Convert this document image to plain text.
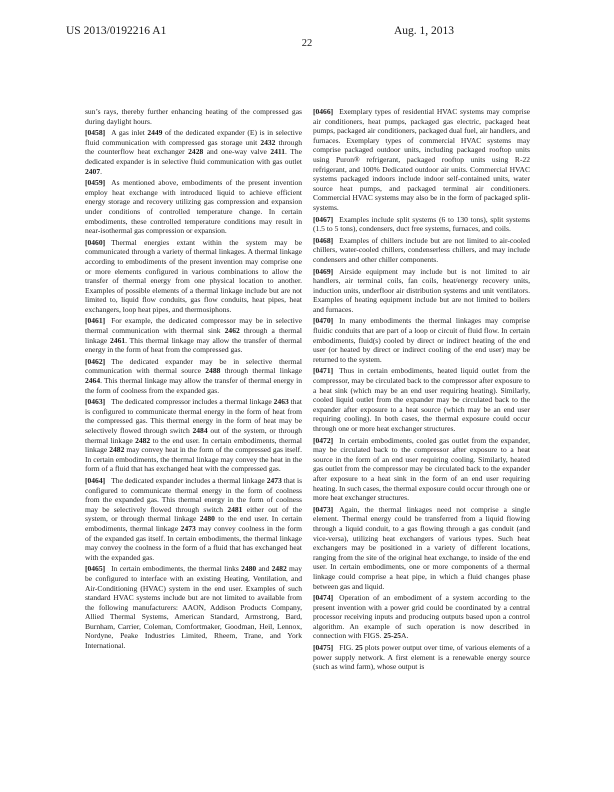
US 2013/0192216 A1	Aug. 1, 2013
22

sun’s rays, thereby further enhancing heating of the compressed gas during daylight hours.

[0458] A gas inlet 2449 of the dedicated expander (E) is in selective fluid communication with compressed gas storage unit 2432 through the counterflow heat exchanger 2428 and one-way valve 2411. The dedicated expander is in selective fluid communication with gas outlet 2407.

[0459] As mentioned above, embodiments of the present invention employ heat exchange with introduced liquid to achieve efficient energy storage and recovery utilizing gas compression and expansion under conditions of controlled temperature change. In certain embodiments, these controlled temperature conditions may result in near-isothermal gas compression or expansion.

[0460] Thermal energies extant within the system may be communicated through a variety of thermal linkages. A thermal linkage according to embodiments of the present invention may comprise one or more elements configured in various combinations to allow the transfer of thermal energy from one physical location to another. Examples of possible elements of a thermal linkage include but are not limited to, liquid flow conduits, gas flow conduits, heat pipes, heat exchangers, loop heat pipes, and thermosiphons.

[0461] For example, the dedicated compressor may be in selective thermal communication with thermal sink 2462 through a thermal linkage 2461. This thermal linkage may allow the transfer of thermal energy in the form of heat from the compressed gas.

[0462] The dedicated expander may be in selective thermal communication with thermal source 2488 through thermal linkage 2464. This thermal linkage may allow the transfer of thermal energy in the form of coolness from the expanded gas.

[0463] The dedicated compressor includes a thermal linkage 2463 that is configured to communicate thermal energy in the form of heat from the compressed gas. This thermal energy in the form of heat may be selectively flowed through switch 2484 out of the system, or through thermal linkage 2482 to the end user. In certain embodiments, thermal linkage 2482 may convey heat in the form of the compressed gas itself. In certain embodiments, the thermal linkage may convey the heat in the form of a fluid that has exchanged heat with the compressed gas.

[0464] The dedicated expander includes a thermal linkage 2473 that is configured to communicate thermal energy in the form of coolness from the expanded gas. This thermal energy in the form of coolness may be selectively flowed through switch 2481 either out of the system, or through thermal linkage 2480 to the end user. In certain embodiments, thermal linkage 2473 may convey coolness in the form of the expanded gas itself. In certain embodiments, the thermal linkage may convey the coolness in the form of a fluid that has exchanged heat with the expanded gas.

[0465] In certain embodiments, the thermal links 2480 and 2482 may be configured to interface with an existing Heating, Ventilation, and Air-Conditioning (HVAC) system in the end user. Examples of such standard HVAC systems include but are not limited to available from the following manufacturers: AAON, Addison Products Company, Allied Thermal Systems, American Standard, Armstrong, Bard, Burnham, Carrier, Coleman, Comfortmaker, Goodman, Heil, Lennox, Nordyne, Peake Industries Limited, Rheem, Trane, and York International.

[0466] Exemplary types of residential HVAC systems may comprise air conditioners, heat pumps, packaged gas electric, packaged heat pumps, packaged air conditioners, packaged dual fuel, air handlers, and furnaces. Exemplary types of commercial HVAC systems may comprise packaged outdoor units, including packaged rooftop units using Puron® refrigerant, packaged rooftop units using R-22 refrigerant, and 100% Dedicated outdoor air units. Commercial HVAC systems packaged indoors include indoor self-contained units, water source heat pumps, and packaged terminal air conditioners. Commercial HVAC systems may also be in the form of packaged split-systems.

[0467] Examples include split systems (6 to 130 tons), split systems (1.5 to 5 tons), condensers, duct free systems, furnaces, and coils.

[0468] Examples of chillers include but are not limited to air-cooled chillers, water-cooled chillers, condenserless chillers, and may include condensers and other chiller components.

[0469] Airside equipment may include but is not limited to air handlers, air terminal coils, fan coils, heat/energy recovery units, induction units, underfloor air distribution systems and unit ventilators. Examples of heating equipment include but are not limited to boilers and furnaces.

[0470] In many embodiments the thermal linkages may comprise fluidic conduits that are part of a loop or circuit of fluid flow. In certain embodiments, fluid(s) cooled by direct or indirect heating of the end user (or heated by direct or indirect cooling of the end user) may be returned to the system.

[0471] Thus in certain embodiments, heated liquid outlet from the compressor, may be circulated back to the compressor after exposure to a heat sink (which may be an end user requiring heating). Similarly, cooled liquid outlet from the expander may be circulated back to the expander after exposure to a heat source (which may be an end user requiring cooling). In both cases, the thermal exposure could occur through one or more heat exchanger structures.

[0472] In certain embodiments, cooled gas outlet from the expander, may be circulated back to the compressor after exposure to a heat source in the form of an end user requiring cooling. Similarly, heated gas outlet from the compressor may be circulated back to the expander after exposure to a heat sink in the form of an end user requiring heating. In such cases, the thermal exposure could occur through one or more heat exchanger structures.

[0473] Again, the thermal linkages need not comprise a single element. Thermal energy could be transferred from a liquid flowing through a liquid conduit, to a gas flowing through a gas conduit (and vice-versa), utilizing heat exchangers of various types. Such heat exchangers may be positioned in a variety of different locations, ranging from the site of the original heat exchange, to inside of the end user. In certain embodiments, one or more components of a thermal linkage could comprise a heat pipe, in which a fluid changes phase between gas and liquid.

[0474] Operation of an embodiment of a system according to the present invention with a power grid could be coordinated by a central processor receiving inputs and producing outputs based upon a control algorithm. An example of such operation is now described in connection with FIGS. 25-25A.

[0475] FIG. 25 plots power output over time, of various elements of a power supply network. A first element is a renewable energy source (such as wind farm), whose output is
